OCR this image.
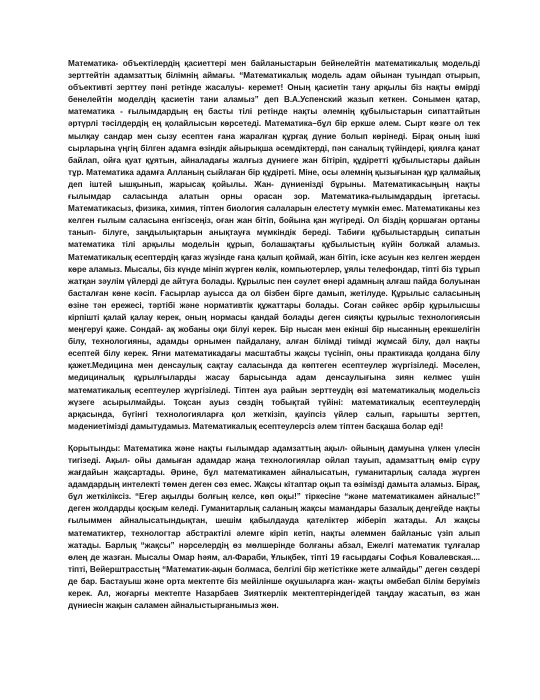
Математика- объектілердің қасиеттері мен байланыстарын бейнелейтін математикалық модельді зерттейтін адамзаттық білімнің аймағы. “Математикалық модель адам ойынан туындап отырып, объективті зерттеу пәні ретінде жасалуы- керемет! Оның қасиетін тану арқылы біз нақты өмірді бенелейтін моделдің қасиетін тани аламыз” деп В.А.Успенский жазып кеткен. Сонымен қатар, математика - ғылымдардың ең басты тілі ретінде нақты әлемнің құбылыстарын сипаттайтын әртүрлі тәсілдердің ең қолайлысын көрсетеді. Математика–бұл бір еркше әлем. Сырт көзге ол тек мылқау сандар мен сызу есептен ғана жаралған құрғақ дүние болып көрінеді. Бірақ оның ішкі сырларына үңгің білген адамға өзіндік айырықша әсемдіктерді, пән саналық түйіндері, қиялға қанат байлап, ойға қуат құятын, айналадағы жалғыз дүниеге жан бітіріп, құдіретті құбылыстары дайын тұр. Математика адамға Алланың сыйлаған бір құдіреті. Міне, осы әлемнің қызығынан құр қалмайық деп іштей ышқынып, жарысақ қойылы. Жан- дүниенізді бұрыны. Математикасыңың нақты ғылымдар саласында алатын орны орасан зор. Математика-ғылымдардың іргетасы. Математикасыз, физика, химия, тіптен биология салаларын елестету мүмкін емес. Математиканы кез келген ғылым саласына енгізсеңіз, оған жан бітіп, бойына қан жүгіреді. Ол біздің қоршаған ортаны танып- білуге, заңдылықтарын анықтауға мүмкіндік береді. Табиғи құбылыстардың сипатын математика тілі арқылы модельін құрып, болашақтағы құбылыстың күйін болжай аламыз. Математикалық есептердің қағаз жүзінде ғана қалып қоймай, жан бітіп, іске асуын кез келген жерден көре аламыз. Мысалы, біз күнде мініп жүрген көлік, компьютерлер, ұялы телефондар, тіпті біз тұрып жатқан зәулім үйлерді де айтуға болады. Құрылыс пен сәулет өнері адамның алғаш пайда болуынан басталған көне кәсіп. Ғасырлар ауысса да ол бізбен бірге дамып, жетілуде. Құрылыс саласының өзіне тән ережесі, тәртібі және нормативтік құжаттары болады. Соған сәйкес әрбір құрылысшы кірпішті қалай қалау керек, оның нормасы қандай болады деген сияқты құрылыс технологиясын меңгеруі қаже. Сондай- ақ жобаны оқи білуі керек. Бір нысан мен екінші бір нысанның ерекшелігін білу, технологияны, адамды орнымен пайдалану, алған білімді тиімді жұмсай білу, дәл нақты есептей білу керек. Яғни математикадағы масштабты жақсы түсініп, оны практикада қолдана білу қажет.Медицина мен денсаулық сақтау саласында да көптеген есептеулер жүргізіледі. Мәселен, медициналық құрылғыларды жасау барысында адам денсаулығына зиян келмес үшін математикалық есептеулер жүргізіледі. Тіптен ауа райын зерттеудің өзі математикалық модельсіз жүзеге асырылмайды. Тоқсан ауыз сөздің тобықтай түйіні: математикалық есептеулердің арқасында, бүгінгі технологияларға қол жеткізіп, қауіпсіз үйлер салып, ғарышты зерттеп, мәдениетімізді дамытудамыз. Математикалық есептеулерсіз әлем тіптен басқаша болар еді!

Қорытынды: Математика және нақты ғылымдар адамзаттың ақыл- ойының дамуына үлкен үлесін тигізеді. Ақыл- ойы дамыған адамдар жаңа технологиялар ойлап тауып, адамзаттың өмір сүру жағдайын жақсартады. Әрине, бұл математикамен айналысатын, гуманитарлық салада жүрген адамдардың интелекті төмен деген сөз емес. Жақсы кітаптар оқып та өзімізді дамыта аламыз. Бірақ, бұл жеткіліксіз. “Егер ақылды болғың келсе, көп оқы!” тіркесіне “және математикамен айналыс!” деген жолдарды қосқым келеді. Гуманитарлық саланың жақсы мамандары базалық деңгейде нақты ғылыммен айналысатындықтан, шешім қабылдауда қателіктер жіберіп жатады. Ал жақсы математиктер, технологтар абстрактілі әлемге кіріп кетіп, нақты әлеммен байланыс үзіп алып жатады. Барлық “жақсы” нәрселердің өз мөлшерінде болғаны абзал, Ежелгі математик тұлғалар өлең де жазған. Мысалы Омар һәям, ал-Фараби, Ұлықбек, тіпті 19 ғасырдағы Софья Ковалевская.... тіпті, Вейерштрасстың “Математик-ақын болмаса, белгілі бір жетістікке жете алмайды” деген сөздері де бар. Бастауыш және орта мектепте біз мейілінше оқушыларға жан- жақты әмбебап білім беруіміз керек. Ал, жоғарғы мектепте Назарбаев Зияткерлік мектептеріндегідей таңдау жасатып, өз жан дүниесін жақын саламен айналыстырғанымыз жөн.
